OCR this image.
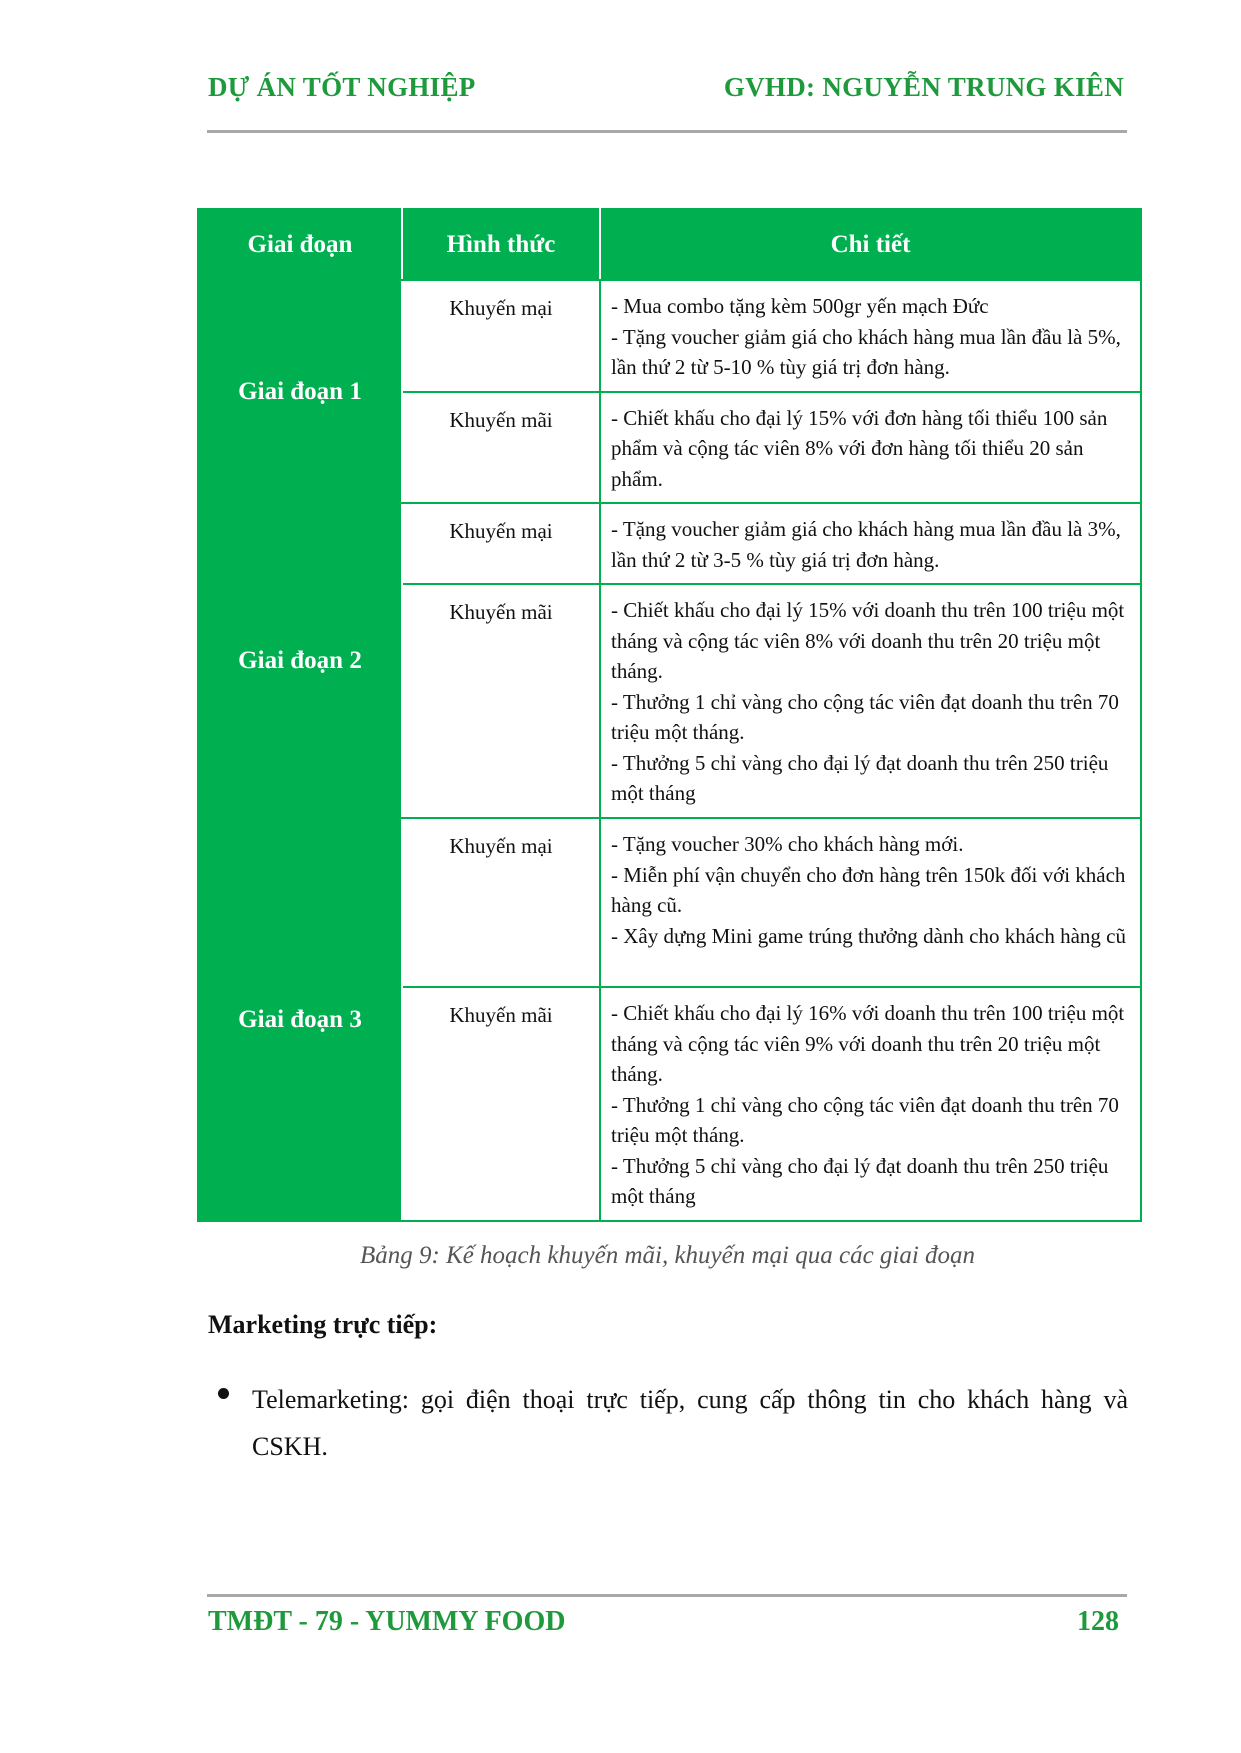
DỰ ÁN TỐT NGHIỆP	GVHD: NGUYỄN TRUNG KIÊN
Giai đoạn	Hình thức	Chi tiết
Giai đoạn 1	Khuyến mại	- Mua combo tặng kèm 500gr yến mạch Đức
- Tặng voucher giảm giá cho khách hàng mua lần đầu là 5%, lần thứ 2 từ 5-10 % tùy giá trị đơn hàng.

	Khuyến mãi	- Chiết khấu cho đại lý 15% với đơn hàng tối thiểu 100 sản phẩm và cộng tác viên 8% với đơn hàng tối thiểu 20 sản phẩm.

Giai đoạn 2	Khuyến mại	- Tặng voucher giảm giá cho khách hàng mua lần đầu là 3%, lần thứ 2 từ 3-5 % tùy giá trị đơn hàng.

	Khuyến mãi	- Chiết khấu cho đại lý 15% với doanh thu trên 100 triệu một tháng và cộng tác viên 8% với doanh thu trên 20 triệu một tháng.
- Thưởng 1 chỉ vàng cho cộng tác viên đạt doanh thu trên 70 triệu một tháng.
- Thưởng 5 chỉ vàng cho đại lý đạt doanh thu trên 250 triệu một tháng

Giai đoạn 3	Khuyến mại	- Tặng voucher 30% cho khách hàng mới.
- Miễn phí vận chuyển cho đơn hàng trên 150k đối với khách hàng cũ.
- Xây dựng Mini game trúng thưởng dành cho khách hàng cũ

	Khuyến mãi	- Chiết khấu cho đại lý 16% với doanh thu trên 100 triệu một tháng và cộng tác viên 9% với doanh thu trên 20 triệu một tháng.
- Thưởng 1 chỉ vàng cho cộng tác viên đạt doanh thu trên 70 triệu một tháng.
- Thưởng 5 chỉ vàng cho đại lý đạt doanh thu trên 250 triệu một tháng
Bảng 9: Kế hoạch khuyến mãi, khuyến mại qua các giai đoạn
Marketing trực tiếp:
Telemarketing: gọi điện thoại trực tiếp, cung cấp thông tin cho khách hàng và CSKH.
TMĐT - 79 - YUMMY FOOD	128
